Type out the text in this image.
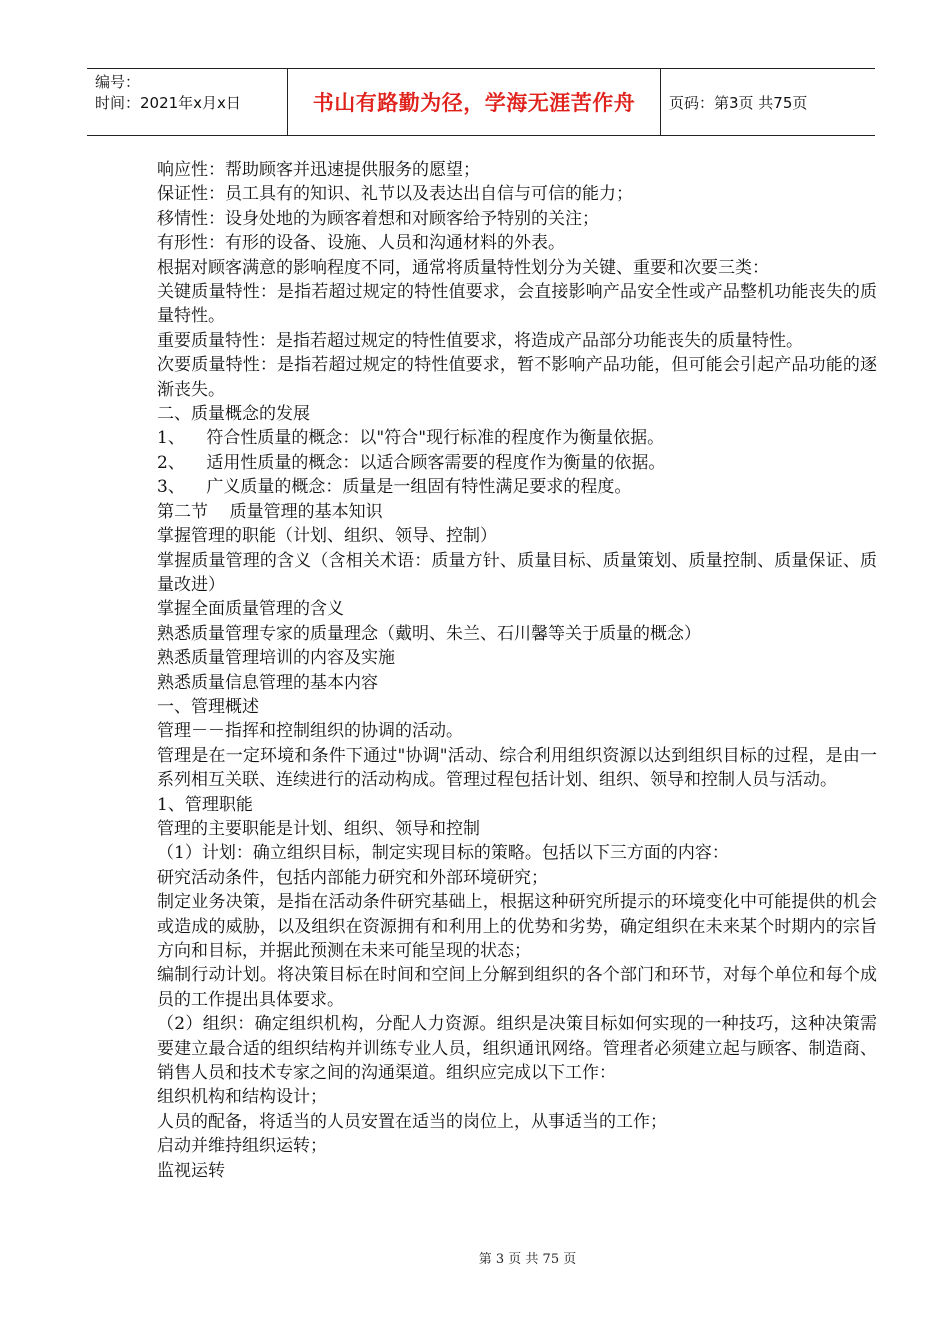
编号：
时间：2021年x月x日	书山有路勤为径，学海无涯苦作舟	页码：第3页 共75页

响应性：帮助顾客并迅速提供服务的愿望；

保证性：员工具有的知识、礼节以及表达出自信与可信的能力；

移情性：设身处地的为顾客着想和对顾客给予特别的关注；

有形性：有形的设备、设施、人员和沟通材料的外表。

根据对顾客满意的影响程度不同，通常将质量特性划分为关键、重要和次要三类：

关键质量特性：是指若超过规定的特性值要求，会直接影响产品安全性或产品整机功能丧失的质量特性。

重要质量特性：是指若超过规定的特性值要求，将造成产品部分功能丧失的质量特性。

次要质量特性：是指若超过规定的特性值要求，暂不影响产品功能，但可能会引起产品功能的逐渐丧失。

二、质量概念的发展

1、    符合性质量的概念：以"符合"现行标准的程度作为衡量依据。

2、    适用性质量的概念：以适合顾客需要的程度作为衡量的依据。

3、    广义质量的概念：质量是一组固有特性满足要求的程度。

第二节    质量管理的基本知识

掌握管理的职能（计划、组织、领导、控制）

掌握质量管理的含义（含相关术语：质量方针、质量目标、质量策划、质量控制、质量保证、质量改进）

掌握全面质量管理的含义

熟悉质量管理专家的质量理念（戴明、朱兰、石川馨等关于质量的概念）

熟悉质量管理培训的内容及实施

熟悉质量信息管理的基本内容

一、管理概述

管理－－指挥和控制组织的协调的活动。

管理是在一定环境和条件下通过"协调"活动、综合利用组织资源以达到组织目标的过程，是由一系列相互关联、连续进行的活动构成。管理过程包括计划、组织、领导和控制人员与活动。

1、管理职能

管理的主要职能是计划、组织、领导和控制

（1）计划：确立组织目标，制定实现目标的策略。包括以下三方面的内容：

研究活动条件，包括内部能力研究和外部环境研究；

制定业务决策，是指在活动条件研究基础上，根据这种研究所提示的环境变化中可能提供的机会或造成的威胁，以及组织在资源拥有和利用上的优势和劣势，确定组织在未来某个时期内的宗旨方向和目标，并据此预测在未来可能呈现的状态；

编制行动计划。将决策目标在时间和空间上分解到组织的各个部门和环节，对每个单位和每个成员的工作提出具体要求。

（2）组织：确定组织机构，分配人力资源。组织是决策目标如何实现的一种技巧，这种决策需要建立最合适的组织结构并训练专业人员，组织通讯网络。管理者必须建立起与顾客、制造商、销售人员和技术专家之间的沟通渠道。组织应完成以下工作：

组织机构和结构设计；

人员的配备，将适当的人员安置在适当的岗位上，从事适当的工作；

启动并维持组织运转；

监视运转

第 3 页 共 75 页
